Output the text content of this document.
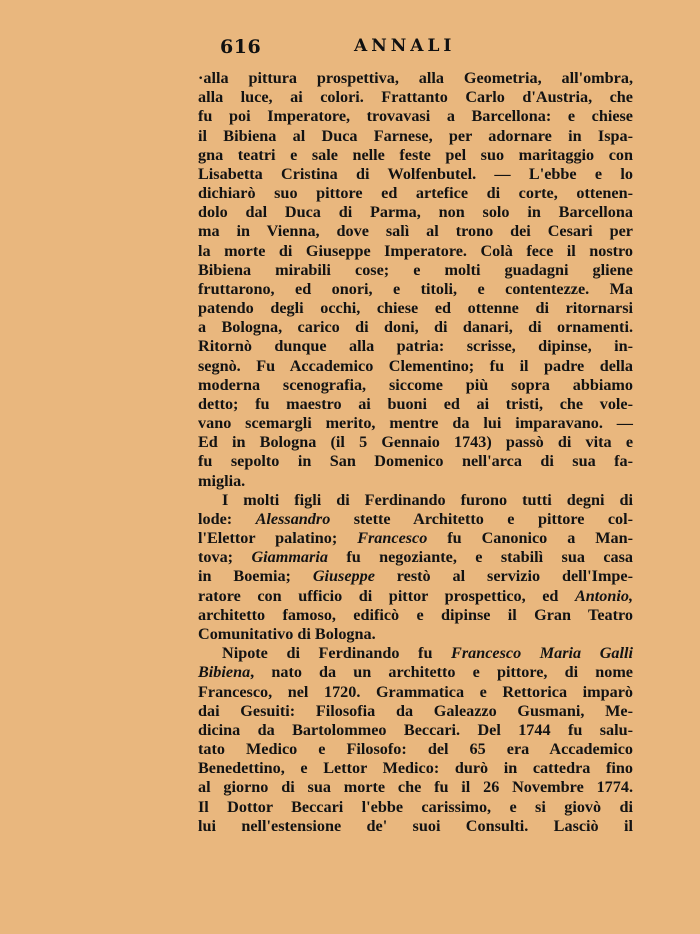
616	ANNALI
·alla pittura prospettiva, alla Geometria, all'ombra,
alla luce, ai colori. Frattanto Carlo d'Austria, che
fu poi Imperatore, trovavasi a Barcellona: e chiese
il Bibiena al Duca Farnese, per adornare in Ispa-
gna teatri e sale nelle feste pel suo maritaggio con
Lisabetta Cristina di Wolfenbutel. — L'ebbe e lo
dichiarò suo pittore ed artefice di corte, ottenen-
dolo dal Duca di Parma, non solo in Barcellona
ma in Vienna, dove salì al trono dei Cesari per
la morte di Giuseppe Imperatore. Colà fece il nostro
Bibiena mirabili cose; e molti guadagni gliene
fruttarono, ed onori, e titoli, e contentezze. Ma
patendo degli occhi, chiese ed ottenne di ritornarsi
a Bologna, carico di doni, di danari, di ornamenti.
Ritornò dunque alla patria: scrisse, dipinse, in-
segnò. Fu Accademico Clementino; fu il padre della
moderna scenografia, siccome più sopra abbiamo
detto; fu maestro ai buoni ed ai tristi, che vole-
vano scemargli merito, mentre da lui imparavano. —
Ed in Bologna (il 5 Gennaio 1743) passò di vita e
fu sepolto in San Domenico nell'arca di sua fa-
miglia.
I molti figli di Ferdinando furono tutti degni di
lode: Alessandro stette Architetto e pittore col-
l'Elettor palatino; Francesco fu Canonico a Man-
tova; Giammaria fu negoziante, e stabilì sua casa
in Boemia; Giuseppe restò al servizio dell'Impe-
ratore con ufficio di pittor prospettico, ed Antonio,
architetto famoso, edificò e dipinse il Gran Teatro
Comunitativo di Bologna.
Nipote di Ferdinando fu Francesco Maria Galli
Bibiena, nato da un architetto e pittore, di nome
Francesco, nel 1720. Grammatica e Rettorica imparò
dai Gesuiti: Filosofia da Galeazzo Gusmani, Me-
dicina da Bartolommeo Beccari. Del 1744 fu salu-
tato Medico e Filosofo: del 65 era Accademico
Benedettino, e Lettor Medico: durò in cattedra fino
al giorno di sua morte che fu il 26 Novembre 1774.
Il Dottor Beccari l'ebbe carissimo, e si giovò di
lui nell'estensione de' suoi Consulti. Lasciò il
